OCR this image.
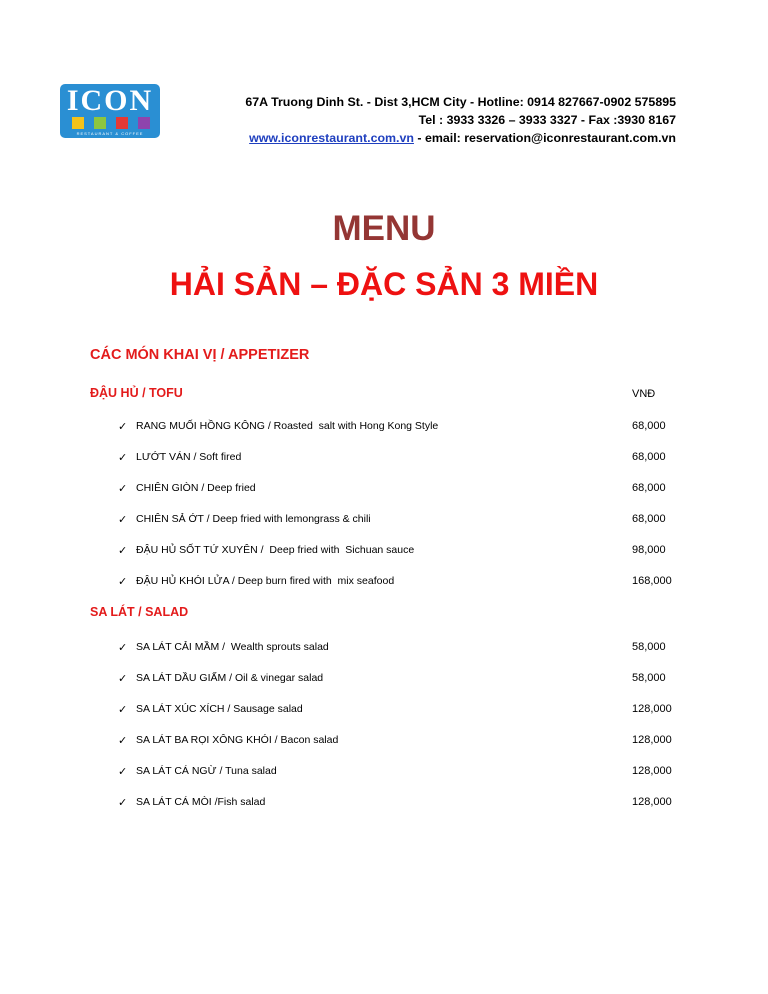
ICON
RESTAURANT & COFFEE
67A Truong Dinh St. - Dist 3,HCM City - Hotline: 0914 827667-0902 575895
Tel : 3933 3326 – 3933 3327 - Fax :3930 8167
www.iconrestaurant.com.vn - email: reservation@iconrestaurant.com.vn
MENU
HẢI SẢN – ĐẶC SẢN 3 MIỀN
CÁC MÓN KHAI VỊ / APPETIZER
ĐẬU HỦ / TOFU	VNĐ
✓ RANG MUỐI HỒNG KÔNG / Roasted  salt with Hong Kong Style	68,000
✓ LƯỚT VÁN / Soft fired	68,000
✓ CHIÊN GIÒN / Deep fried	68,000
✓ CHIÊN SẢ ỚT / Deep fried with lemongrass & chili	68,000
✓ ĐẬU HỦ SỐT TỨ XUYÊN /  Deep fried with  Sichuan sauce	98,000
✓ ĐẬU HỦ KHÓI LỬA / Deep burn fired with  mix seafood	168,000
SA LÁT / SALAD
✓ SA LÁT CẢI MẦM /  Wealth sprouts salad	58,000
✓ SA LÁT DẦU GIẤM / Oil & vinegar salad	58,000
✓ SA LÁT XÚC XÍCH / Sausage salad	128,000
✓ SA LÁT BA RỌI XÔNG KHÓI / Bacon salad	128,000
✓ SA LÁT CÁ NGỪ / Tuna salad	128,000
✓ SA LÁT CÁ MÒI /Fish salad	128,000
